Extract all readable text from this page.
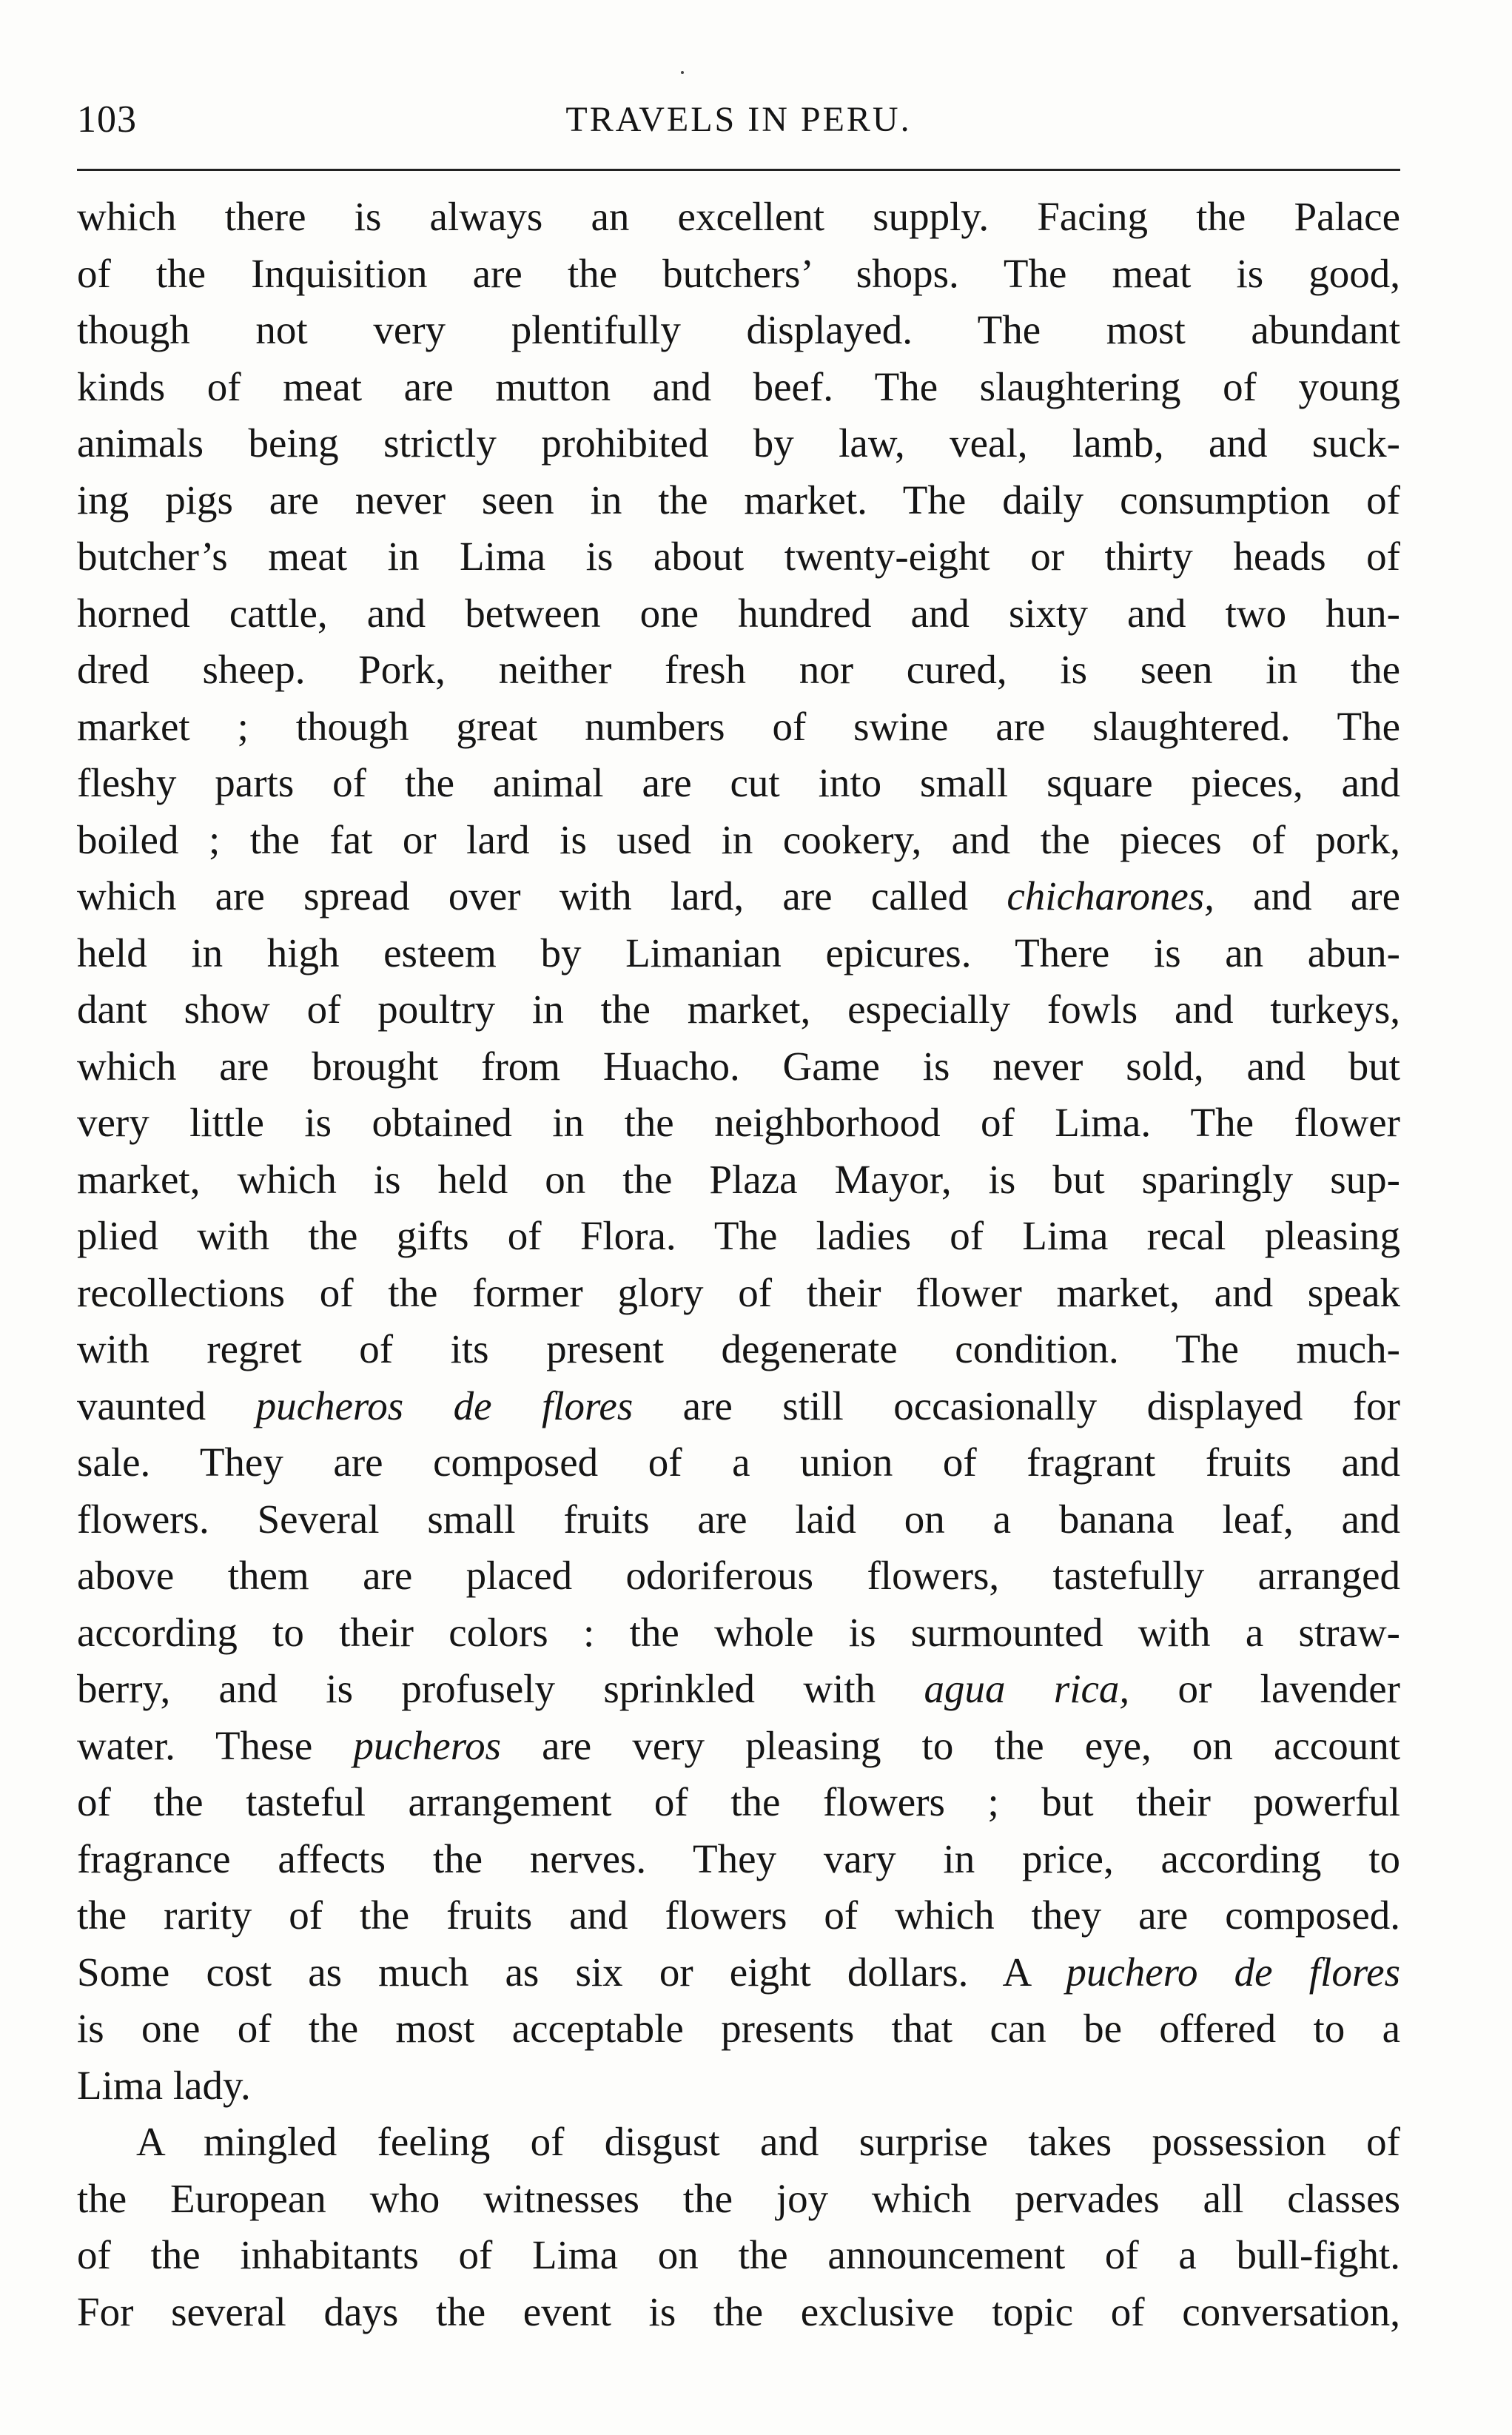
103	TRAVELS IN PERU.
which there is always an excellent supply. Facing the Palace
of the Inquisition are the butchers’ shops. The meat is good,
though not very plentifully displayed. The most abundant
kinds of meat are mutton and beef. The slaughtering of young
animals being strictly prohibited by law, veal, lamb, and suck-
ing pigs are never seen in the market. The daily consumption of
butcher’s meat in Lima is about twenty-eight or thirty heads of
horned cattle, and between one hundred and sixty and two hun-
dred sheep. Pork, neither fresh nor cured, is seen in the
market ; though great numbers of swine are slaughtered. The
fleshy parts of the animal are cut into small square pieces, and
boiled ; the fat or lard is used in cookery, and the pieces of pork,
which are spread over with lard, are called chicharones, and are
held in high esteem by Limanian epicures. There is an abun-
dant show of poultry in the market, especially fowls and turkeys,
which are brought from Huacho. Game is never sold, and but
very little is obtained in the neighborhood of Lima. The flower
market, which is held on the Plaza Mayor, is but sparingly sup-
plied with the gifts of Flora. The ladies of Lima recal pleasing
recollections of the former glory of their flower market, and speak
with regret of its present degenerate condition. The much-
vaunted pucheros de flores are still occasionally displayed for
sale. They are composed of a union of fragrant fruits and
flowers. Several small fruits are laid on a banana leaf, and
above them are placed odoriferous flowers, tastefully arranged
according to their colors : the whole is surmounted with a straw-
berry, and is profusely sprinkled with agua rica, or lavender
water. These pucheros are very pleasing to the eye, on account
of the tasteful arrangement of the flowers ; but their powerful
fragrance affects the nerves. They vary in price, according to
the rarity of the fruits and flowers of which they are composed.
Some cost as much as six or eight dollars. A puchero de flores
is one of the most acceptable presents that can be offered to a
Lima lady.
A mingled feeling of disgust and surprise takes possession of
the European who witnesses the joy which pervades all classes
of the inhabitants of Lima on the announcement of a bull-fight.
For several days the event is the exclusive topic of conversation,
